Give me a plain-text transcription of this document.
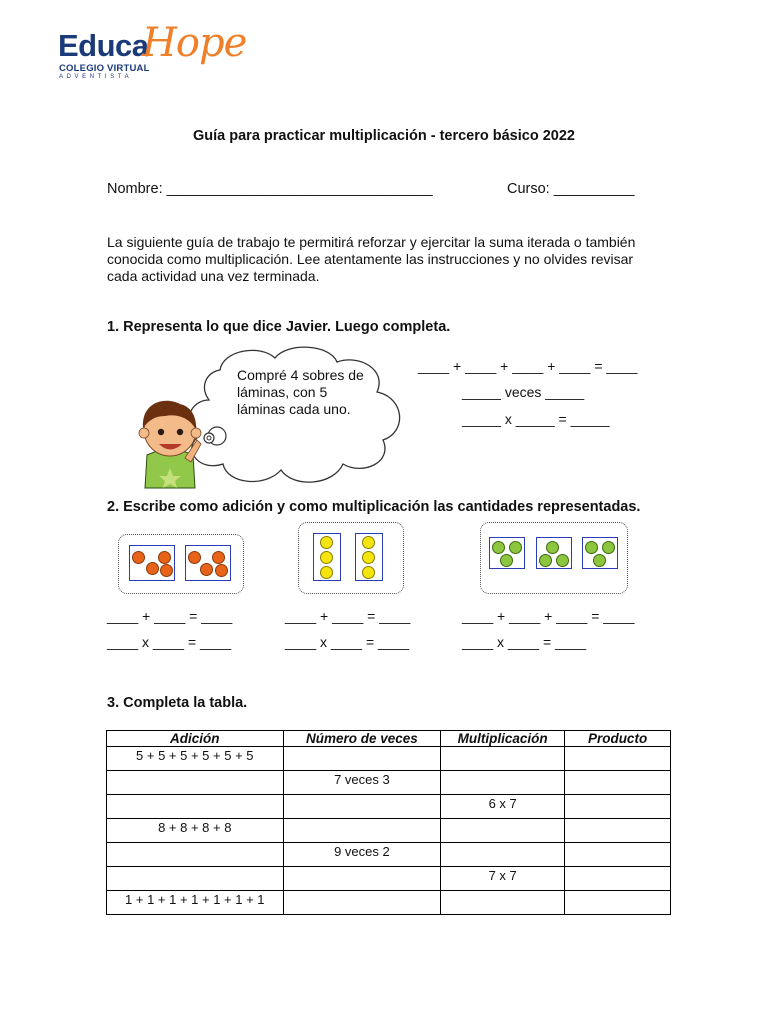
Educa
Hope
COLEGIO VIRTUAL
ADVENTISTA
Guía para practicar multiplicación - tercero básico 2022
Nombre: _________________________________	Curso: __________
La siguiente guía de trabajo te permitirá reforzar y ejercitar la suma iterada o también conocida como multiplicación. Lee atentamente las instrucciones y no olvides revisar cada actividad una vez terminada.
1. Representa lo que dice Javier. Luego completa.
Compré 4 sobres de láminas, con 5 láminas cada uno.
____ + ____ + ____ + ____ = ____
_____ veces _____
_____ x _____ = _____
2. Escribe como adición y como multiplicación las cantidades representadas.
____ + ____ = ____
____ x ____ = ____
____ + ____ = ____
____ x ____ = ____
____ + ____ + ____ = ____
____ x ____ = ____
3. Completa la tabla.
Adición	Número de veces	Multiplicación	Producto
5 + 5 + 5 + 5 + 5 + 5			
	7 veces 3		
		6 x 7	
8 + 8 + 8 + 8			
	9 veces 2		
		7 x 7	
1 + 1 + 1 + 1 + 1 + 1 + 1			
